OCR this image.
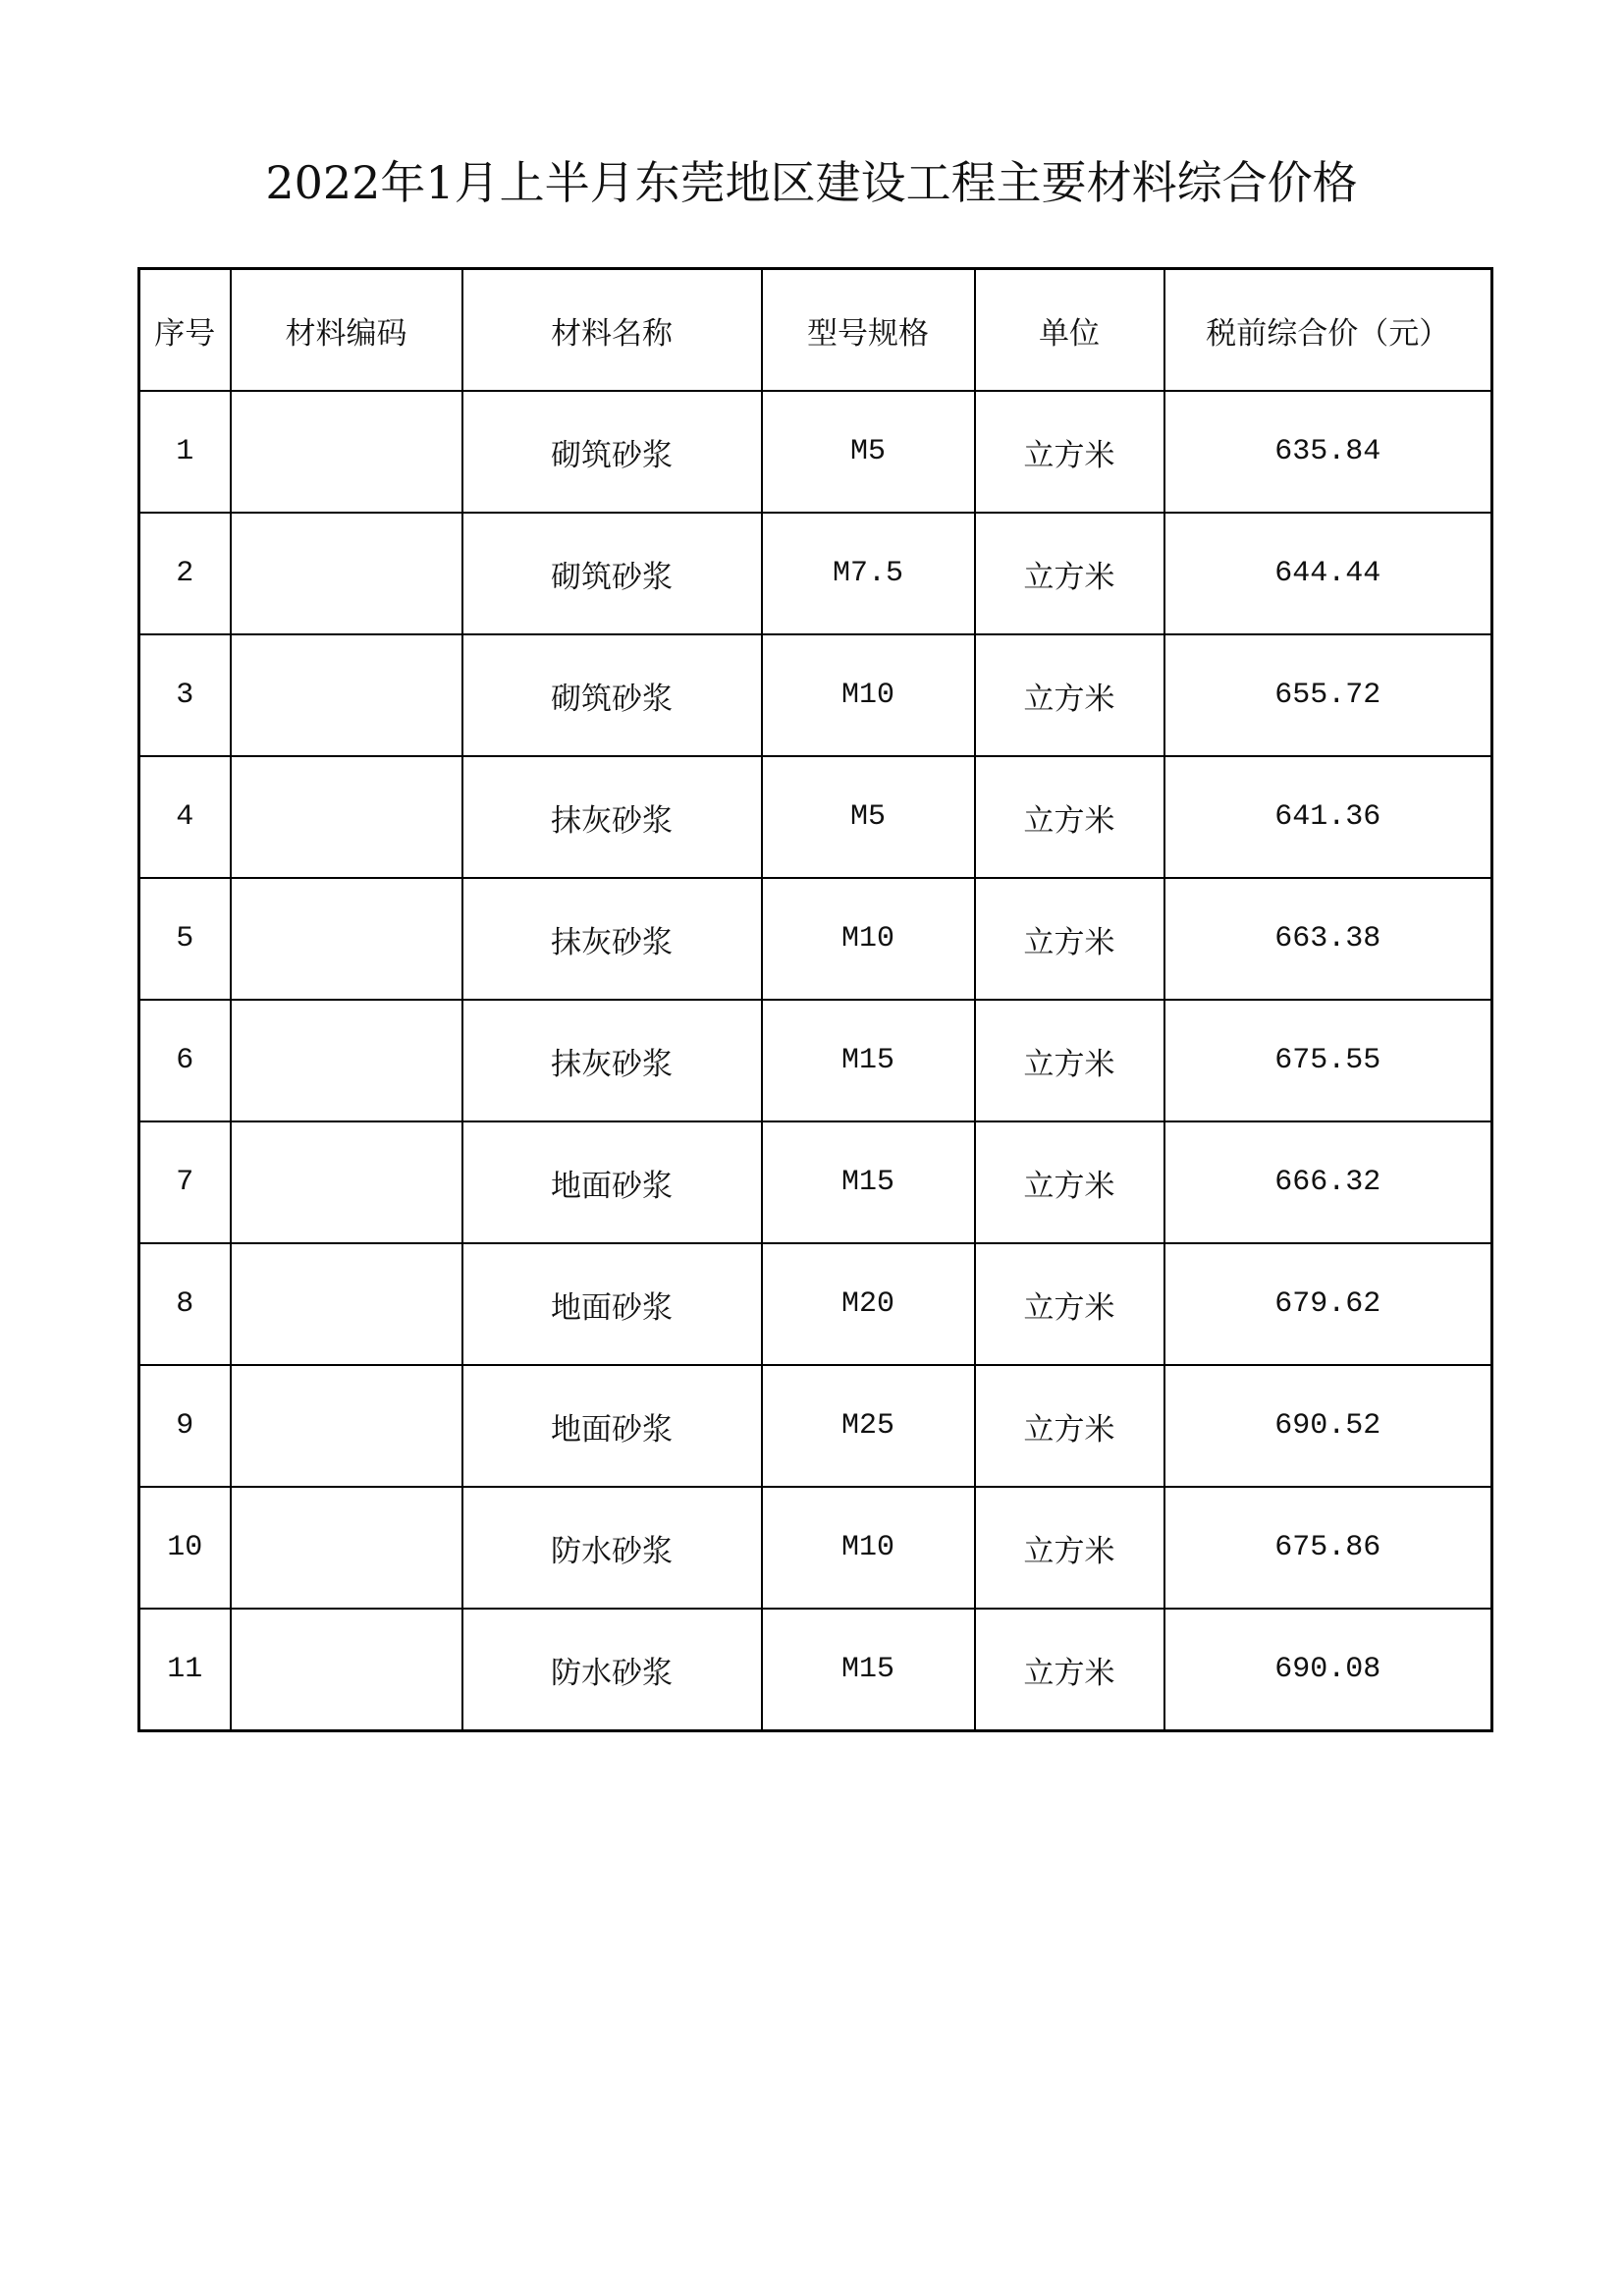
2022年1月上半月东莞地区建设工程主要材料综合价格
序号	材料编码	材料名称	型号规格	单位	税前综合价（元）
1		砌筑砂浆	M5	立方米	635.84
2		砌筑砂浆	M7.5	立方米	644.44
3		砌筑砂浆	M10	立方米	655.72
4		抹灰砂浆	M5	立方米	641.36
5		抹灰砂浆	M10	立方米	663.38
6		抹灰砂浆	M15	立方米	675.55
7		地面砂浆	M15	立方米	666.32
8		地面砂浆	M20	立方米	679.62
9		地面砂浆	M25	立方米	690.52
10		防水砂浆	M10	立方米	675.86
11		防水砂浆	M15	立方米	690.08
